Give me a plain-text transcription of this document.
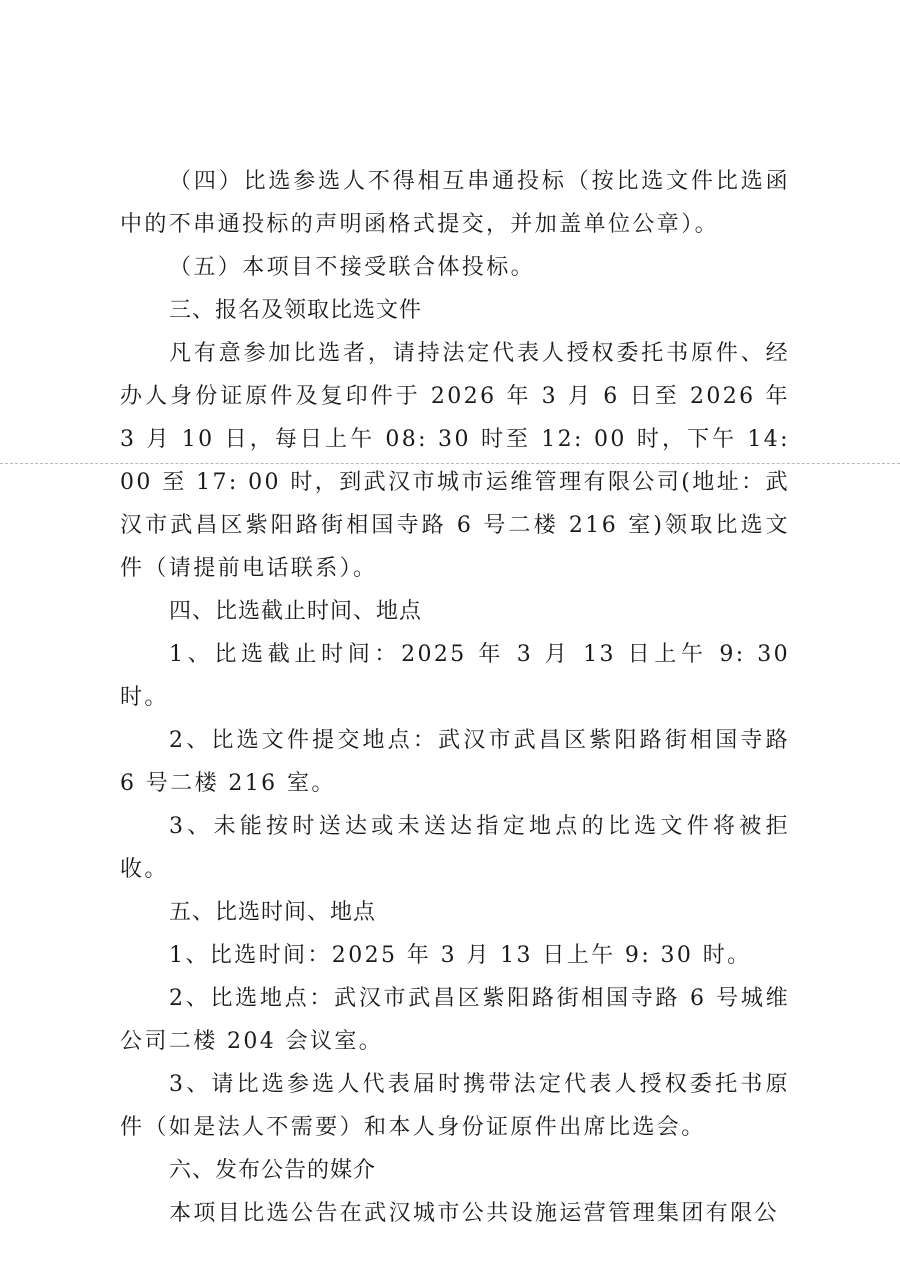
（四）比选参选人不得相互串通投标（按比选文件比选函中的不串通投标的声明函格式提交，并加盖单位公章）。

（五）本项目不接受联合体投标。

三、报名及领取比选文件

凡有意参加比选者，请持法定代表人授权委托书原件、经办人身份证原件及复印件于 2026 年 3 月 6 日至 2026 年 3 月 10 日，每日上午 08: 30 时至 12: 00 时，下午 14: 00 至 17: 00 时，到武汉市城市运维管理有限公司(地址：武汉市武昌区紫阳路街相国寺路 6 号二楼 216 室)领取比选文件（请提前电话联系）。

四、比选截止时间、地点

1、比选截止时间：2025 年 3 月 13 日上午 9: 30 时。

2、比选文件提交地点：武汉市武昌区紫阳路街相国寺路 6 号二楼 216 室。

3、未能按时送达或未送达指定地点的比选文件将被拒收。

五、比选时间、地点

1、比选时间：2025 年 3 月 13 日上午 9: 30 时。

2、比选地点：武汉市武昌区紫阳路街相国寺路 6 号城维公司二楼 204 会议室。

3、请比选参选人代表届时携带法定代表人授权委托书原件（如是法人不需要）和本人身份证原件出席比选会。

六、发布公告的媒介

本项目比选公告在武汉城市公共设施运营管理集团有限公
